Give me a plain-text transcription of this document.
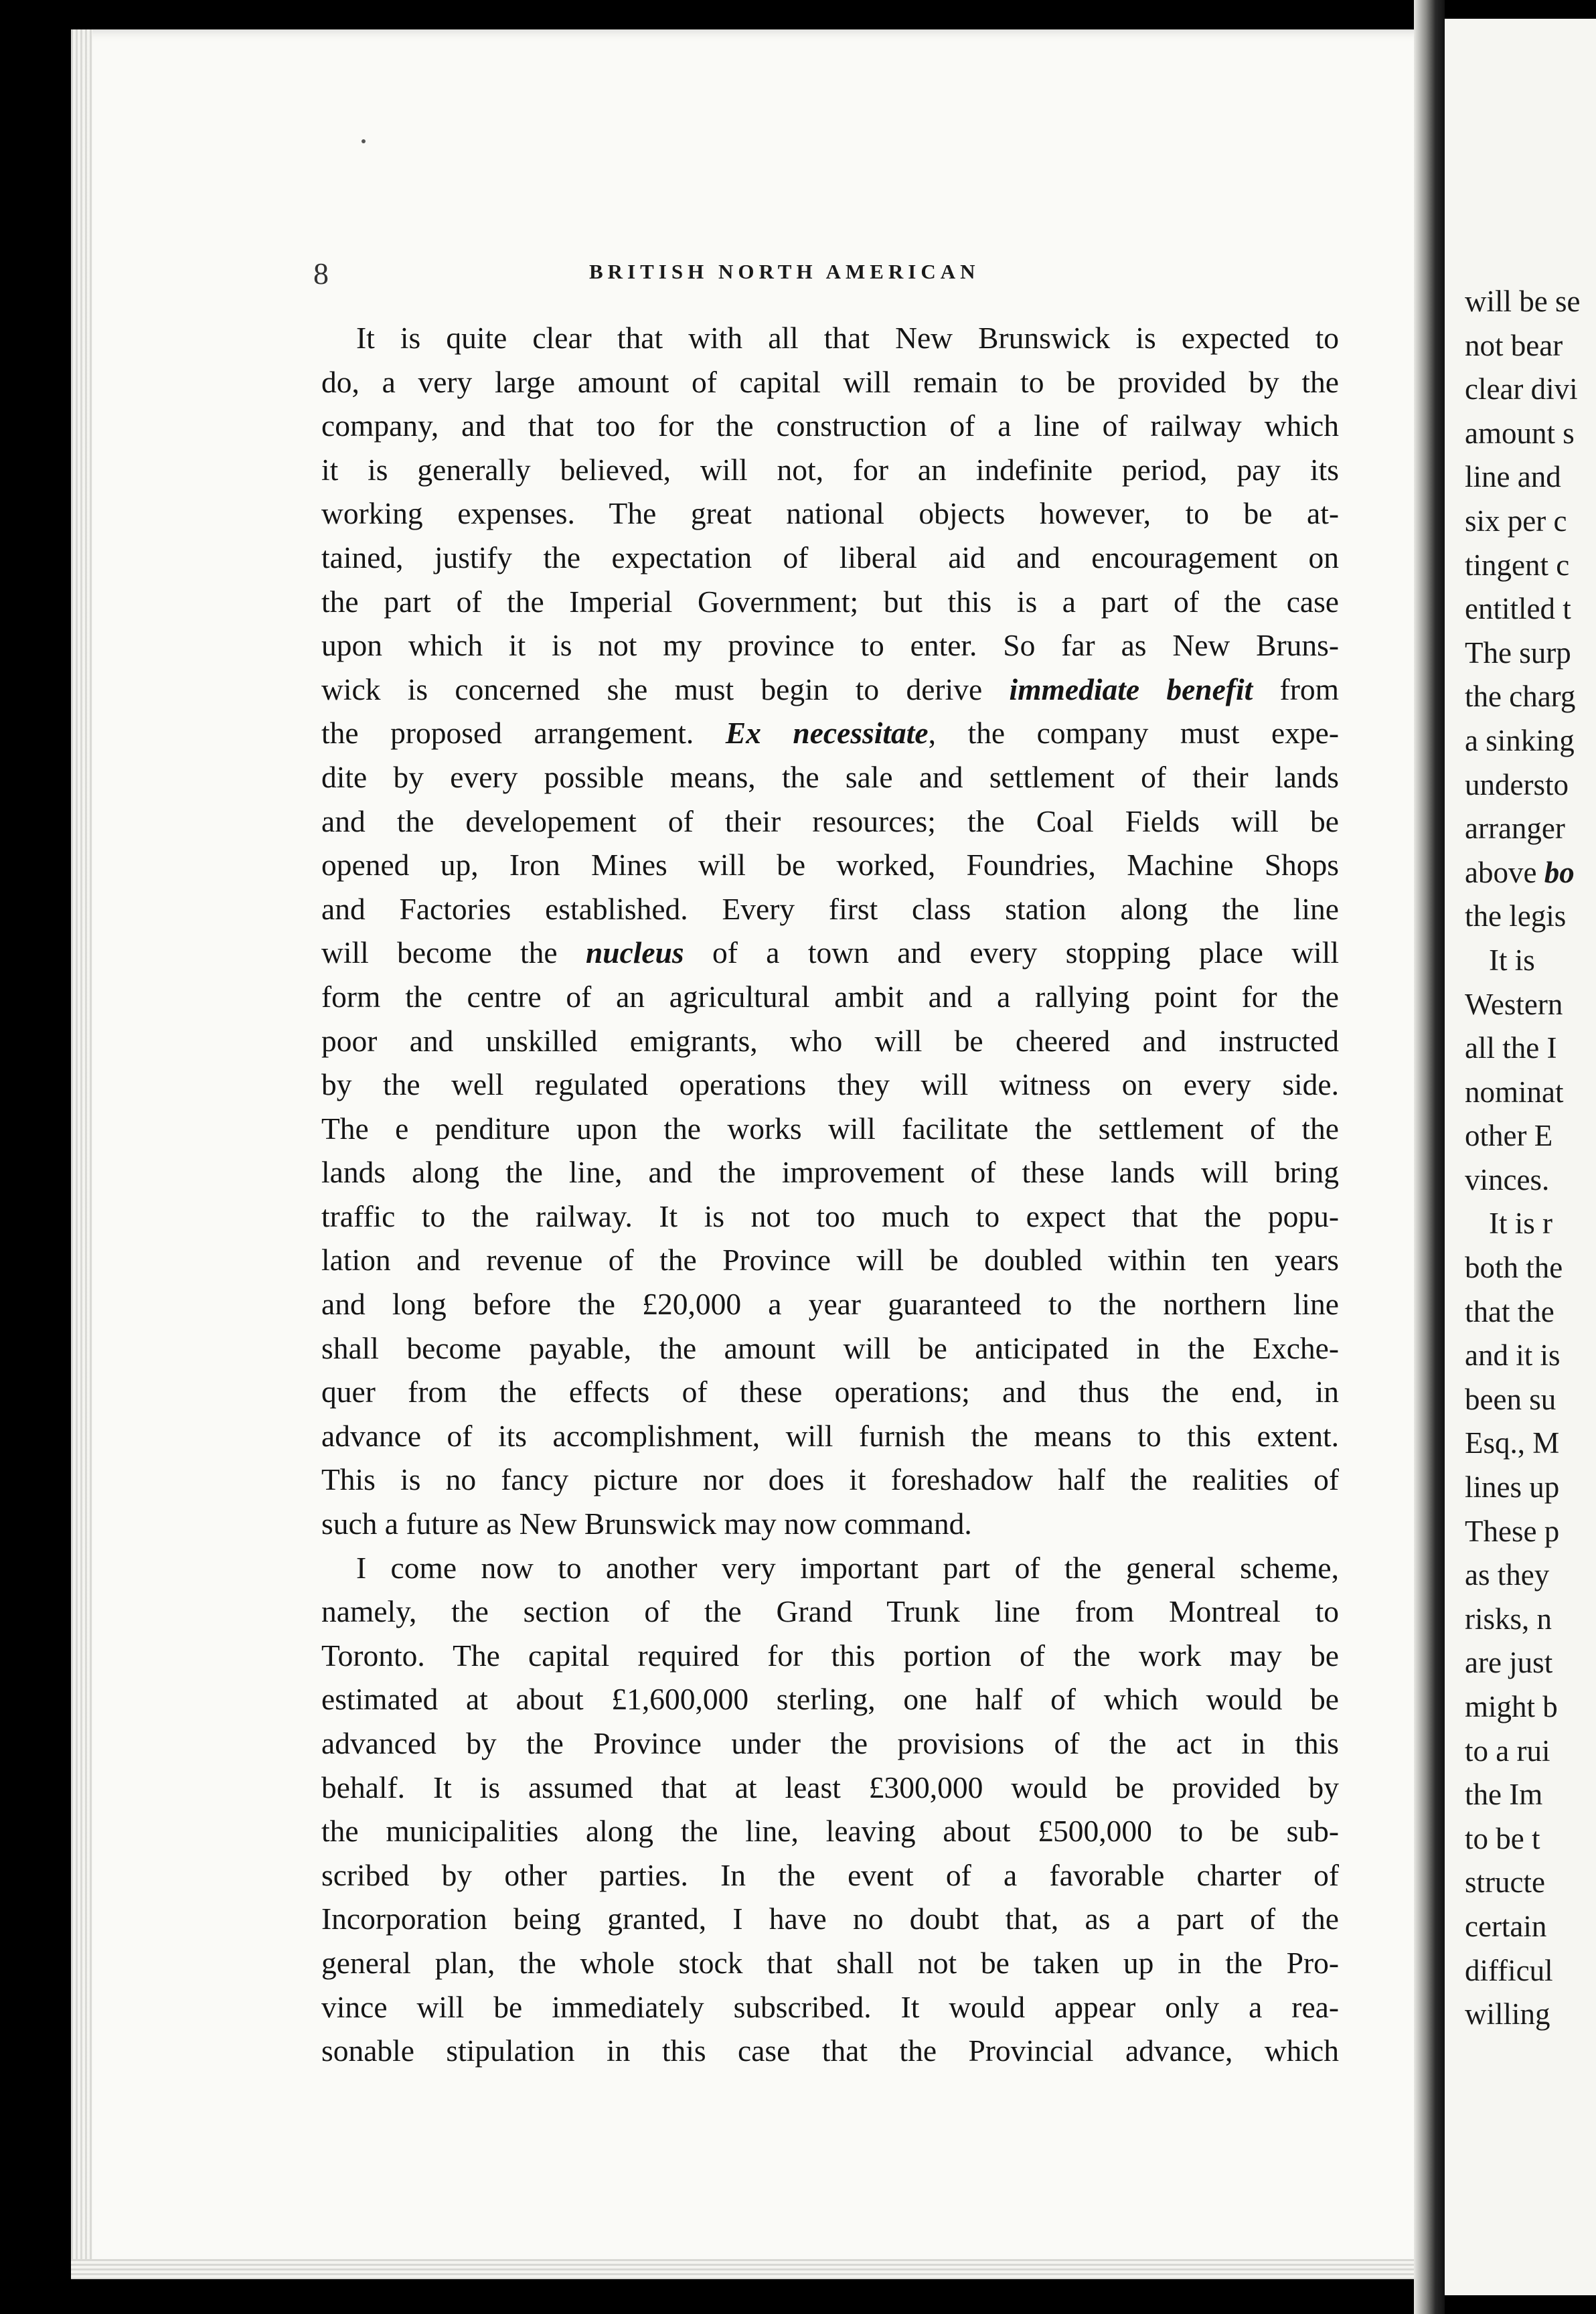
will be se
not bear
clear divi
amount s
line and
six per c
tingent c
entitled t
The surp
the charg
a sinking
understo
arranger
above bo
the legis
It is
Western
all the I
nominat
other E
vinces.
It is r
both the
that the
and it is
been su
Esq., M
lines up
These p
as they
risks, n
are just
might b
to a rui
the Im
to be t
structe
certain
difficul
willing
8	BRITISH NORTH AMERICAN
It is quite clear that with all that New Brunswick is expected to
do, a very large amount of capital will remain to be provided by the
company, and that too for the construction of a line of railway which
it is generally believed, will not, for an indefinite period, pay its
working expenses. The great national objects however, to be at-
tained, justify the expectation of liberal aid and encouragement on
the part of the Imperial Government; but this is a part of the case
upon which it is not my province to enter. So far as New Bruns-
wick is concerned she must begin to derive immediate benefit from
the proposed arrangement. Ex necessitate, the company must expe-
dite by every possible means, the sale and settlement of their lands
and the developement of their resources; the Coal Fields will be
opened up, Iron Mines will be worked, Foundries, Machine Shops
and Factories established. Every first class station along the line
will become the nucleus of a town and every stopping place will
form the centre of an agricultural ambit and a rallying point for the
poor and unskilled emigrants, who will be cheered and instructed
by the well regulated operations they will witness on every side.
The e penditure upon the works will facilitate the settlement of the
lands along the line, and the improvement of these lands will bring
traffic to the railway. It is not too much to expect that the popu-
lation and revenue of the Province will be doubled within ten years
and long before the £20,000 a year guaranteed to the northern line
shall become payable, the amount will be anticipated in the Exche-
quer from the effects of these operations; and thus the end, in
advance of its accomplishment, will furnish the means to this extent.
This is no fancy picture nor does it foreshadow half the realities of
such a future as New Brunswick may now command.
I come now to another very important part of the general scheme,
namely, the section of the Grand Trunk line from Montreal to
Toronto. The capital required for this portion of the work may be
estimated at about £1,600,000 sterling, one half of which would be
advanced by the Province under the provisions of the act in this
behalf. It is assumed that at least £300,000 would be provided by
the municipalities along the line, leaving about £500,000 to be sub-
scribed by other parties. In the event of a favorable charter of
Incorporation being granted, I have no doubt that, as a part of the
general plan, the whole stock that shall not be taken up in the Pro-
vince will be immediately subscribed. It would appear only a rea-
sonable stipulation in this case that the Provincial advance, which
